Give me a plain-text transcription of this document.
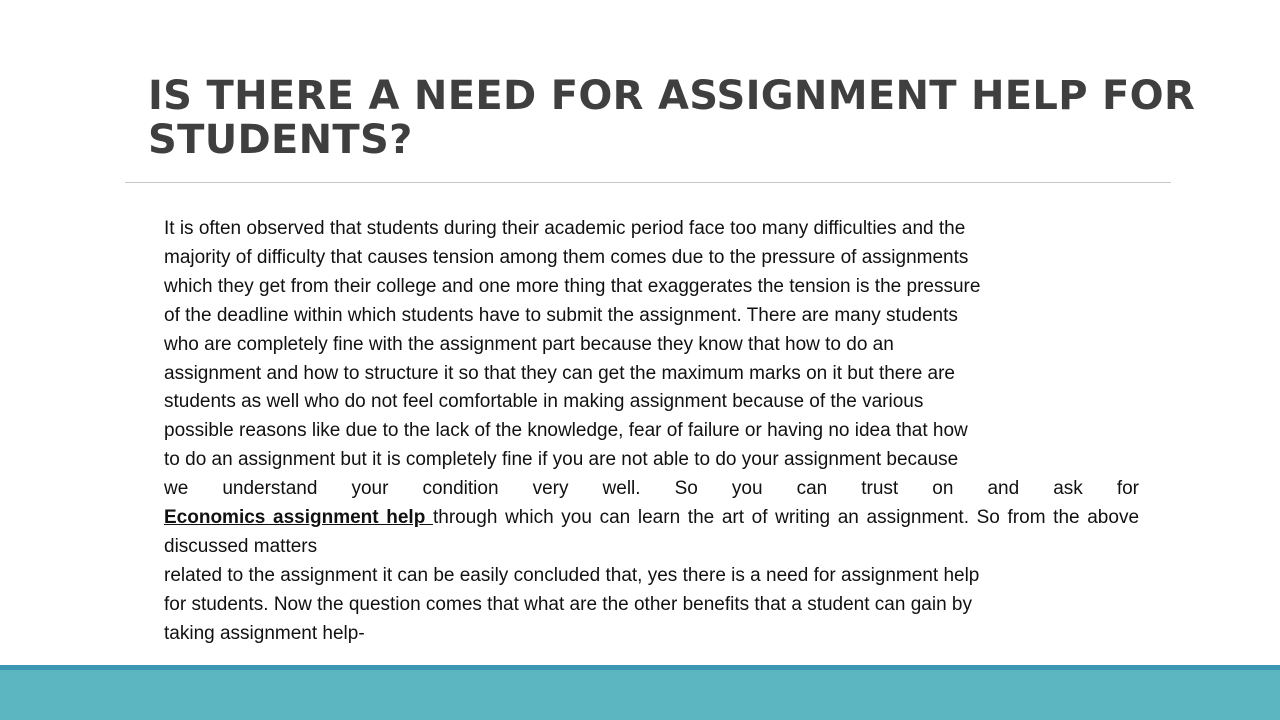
IS THERE A NEED FOR ASSIGNMENT HELP FOR STUDENTS?
It is often observed that students during their academic period face too many difficulties and the
majority of difficulty that causes tension among them comes due to the pressure of assignments
which they get from their college and one more thing that exaggerates the tension is the pressure
of the deadline within which students have to submit the assignment. There are many students
who are completely fine with the assignment part because they know that how to do an
assignment and how to structure it so that they can get the maximum marks on it but there are
students as well who do not feel comfortable in making assignment because of the various
possible reasons like due to the lack of the knowledge, fear of failure or having no idea that how
to do an assignment but it is completely fine if you are not able to do your assignment because
we understand your condition very well. So you can trust on and ask for
Economics assignment help through which you can learn the art of writing an assignment. So from the above discussed matters
related to the assignment it can be easily concluded that, yes there is a need for assignment help
for students. Now the question comes that what are the other benefits that a student can gain by
taking assignment help-
